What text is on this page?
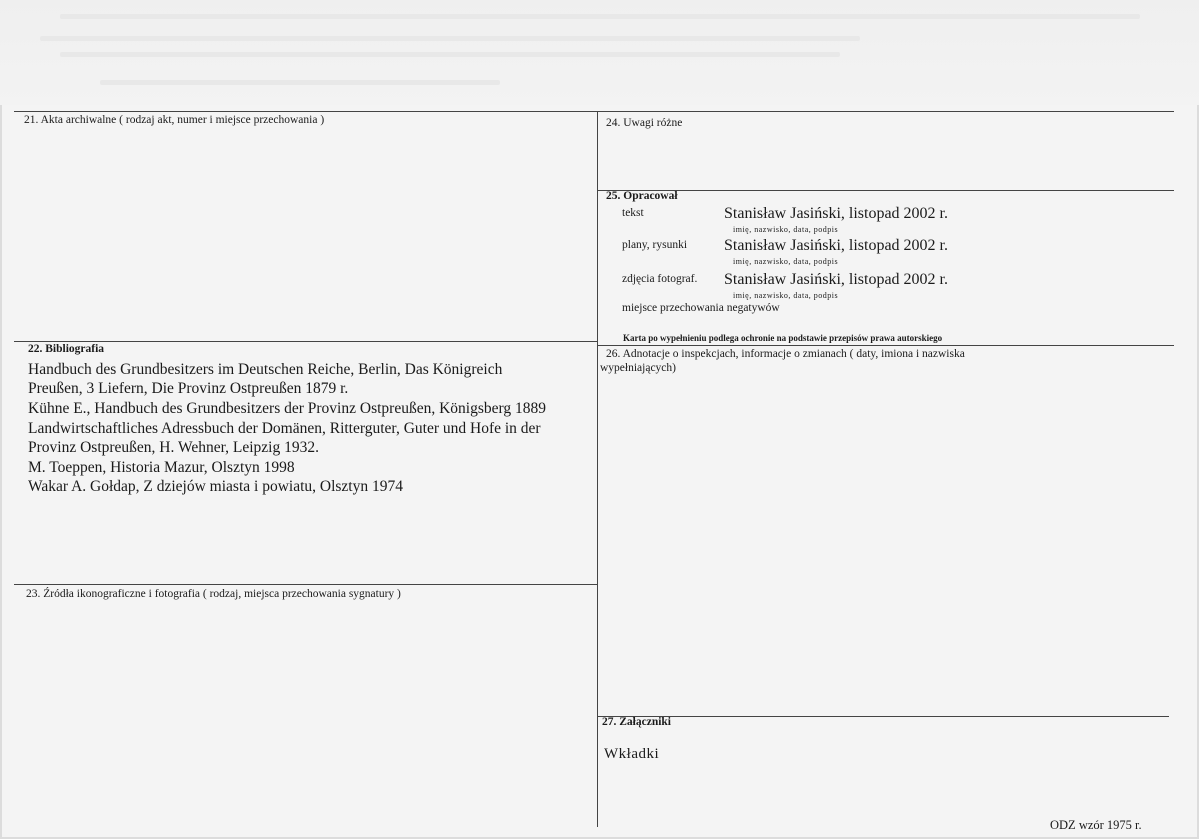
21. Akta archiwalne ( rodzaj akt, numer i miejsce przechowania )
22. Bibliografia
Handbuch des Grundbesitzers im Deutschen Reiche, Berlin, Das Königreich
Preußen, 3 Liefern, Die Provinz Ostpreußen 1879 r.
Kühne E., Handbuch des Grundbesitzers der Provinz Ostpreußen, Königsberg 1889
Landwirtschaftliches Adressbuch der Domänen, Ritterguter, Guter und Hofe in der
Provinz Ostpreußen, H. Wehner, Leipzig 1932.
M. Toeppen, Historia Mazur, Olsztyn 1998
Wakar A. Gołdap, Z dziejów miasta i powiatu, Olsztyn 1974
23. Źródła ikonograficzne i fotografia ( rodzaj, miejsca przechowania sygnatury )
24. Uwagi różne
25. Opracował
tekst	Stanisław Jasiński, listopad 2002 r.
imię, nazwisko, data, podpis
plany, rysunki Stanisław Jasiński, listopad 2002 r.
imię, nazwisko, data, podpis
zdjęcia fotograf. Stanisław Jasiński, listopad 2002 r.
imię, nazwisko, data, podpis
miejsce przechowania negatywów
Karta po wypełnieniu podlega ochronie na podstawie przepisów prawa autorskiego
26. Adnotacje o inspekcjach, informacje o zmianach ( daty, imiona i nazwiska
wypełniających)
27. Załączniki
Wkładki
ODZ wzór 1975 r.
